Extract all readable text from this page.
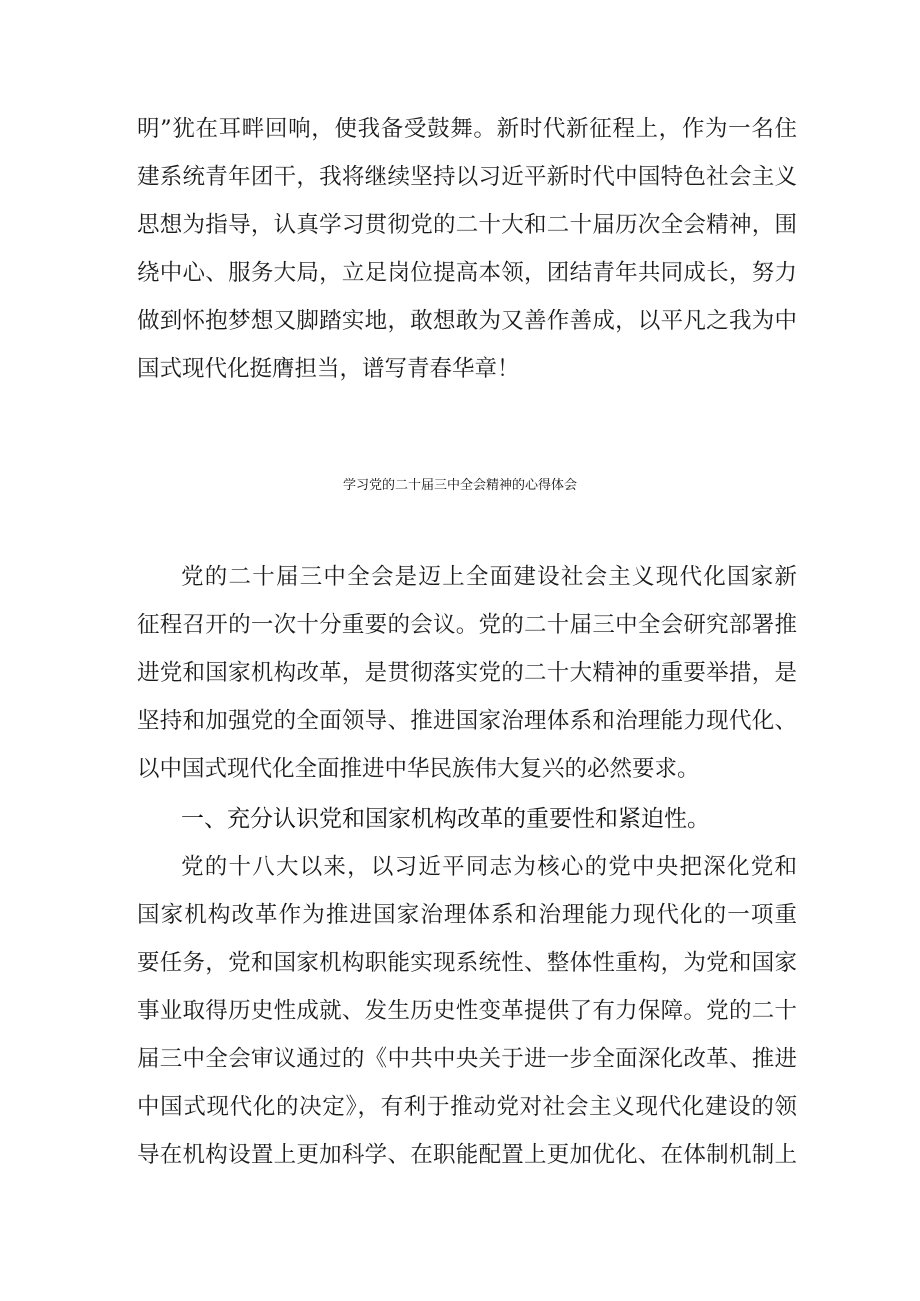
明”犹在耳畔回响，使我备受鼓舞。新时代新征程上，作为一名住
建系统青年团干，我将继续坚持以习近平新时代中国特色社会主义
思想为指导，认真学习贯彻党的二十大和二十届历次全会精神，围
绕中心、服务大局，立足岗位提高本领，团结青年共同成长，努力
做到怀抱梦想又脚踏实地，敢想敢为又善作善成，以平凡之我为中
国式现代化挺膺担当，谱写青春华章！
学习党的二十届三中全会精神的心得体会
党的二十届三中全会是迈上全面建设社会主义现代化国家新
征程召开的一次十分重要的会议。党的二十届三中全会研究部署推
进党和国家机构改革，是贯彻落实党的二十大精神的重要举措，是
坚持和加强党的全面领导、推进国家治理体系和治理能力现代化、
以中国式现代化全面推进中华民族伟大复兴的必然要求。
一、充分认识党和国家机构改革的重要性和紧迫性。
党的十八大以来，以习近平同志为核心的党中央把深化党和
国家机构改革作为推进国家治理体系和治理能力现代化的一项重
要任务，党和国家机构职能实现系统性、整体性重构，为党和国家
事业取得历史性成就、发生历史性变革提供了有力保障。党的二十
届三中全会审议通过的《中共中央关于进一步全面深化改革、推进
中国式现代化的决定》，有利于推动党对社会主义现代化建设的领
导在机构设置上更加科学、在职能配置上更加优化、在体制机制上
